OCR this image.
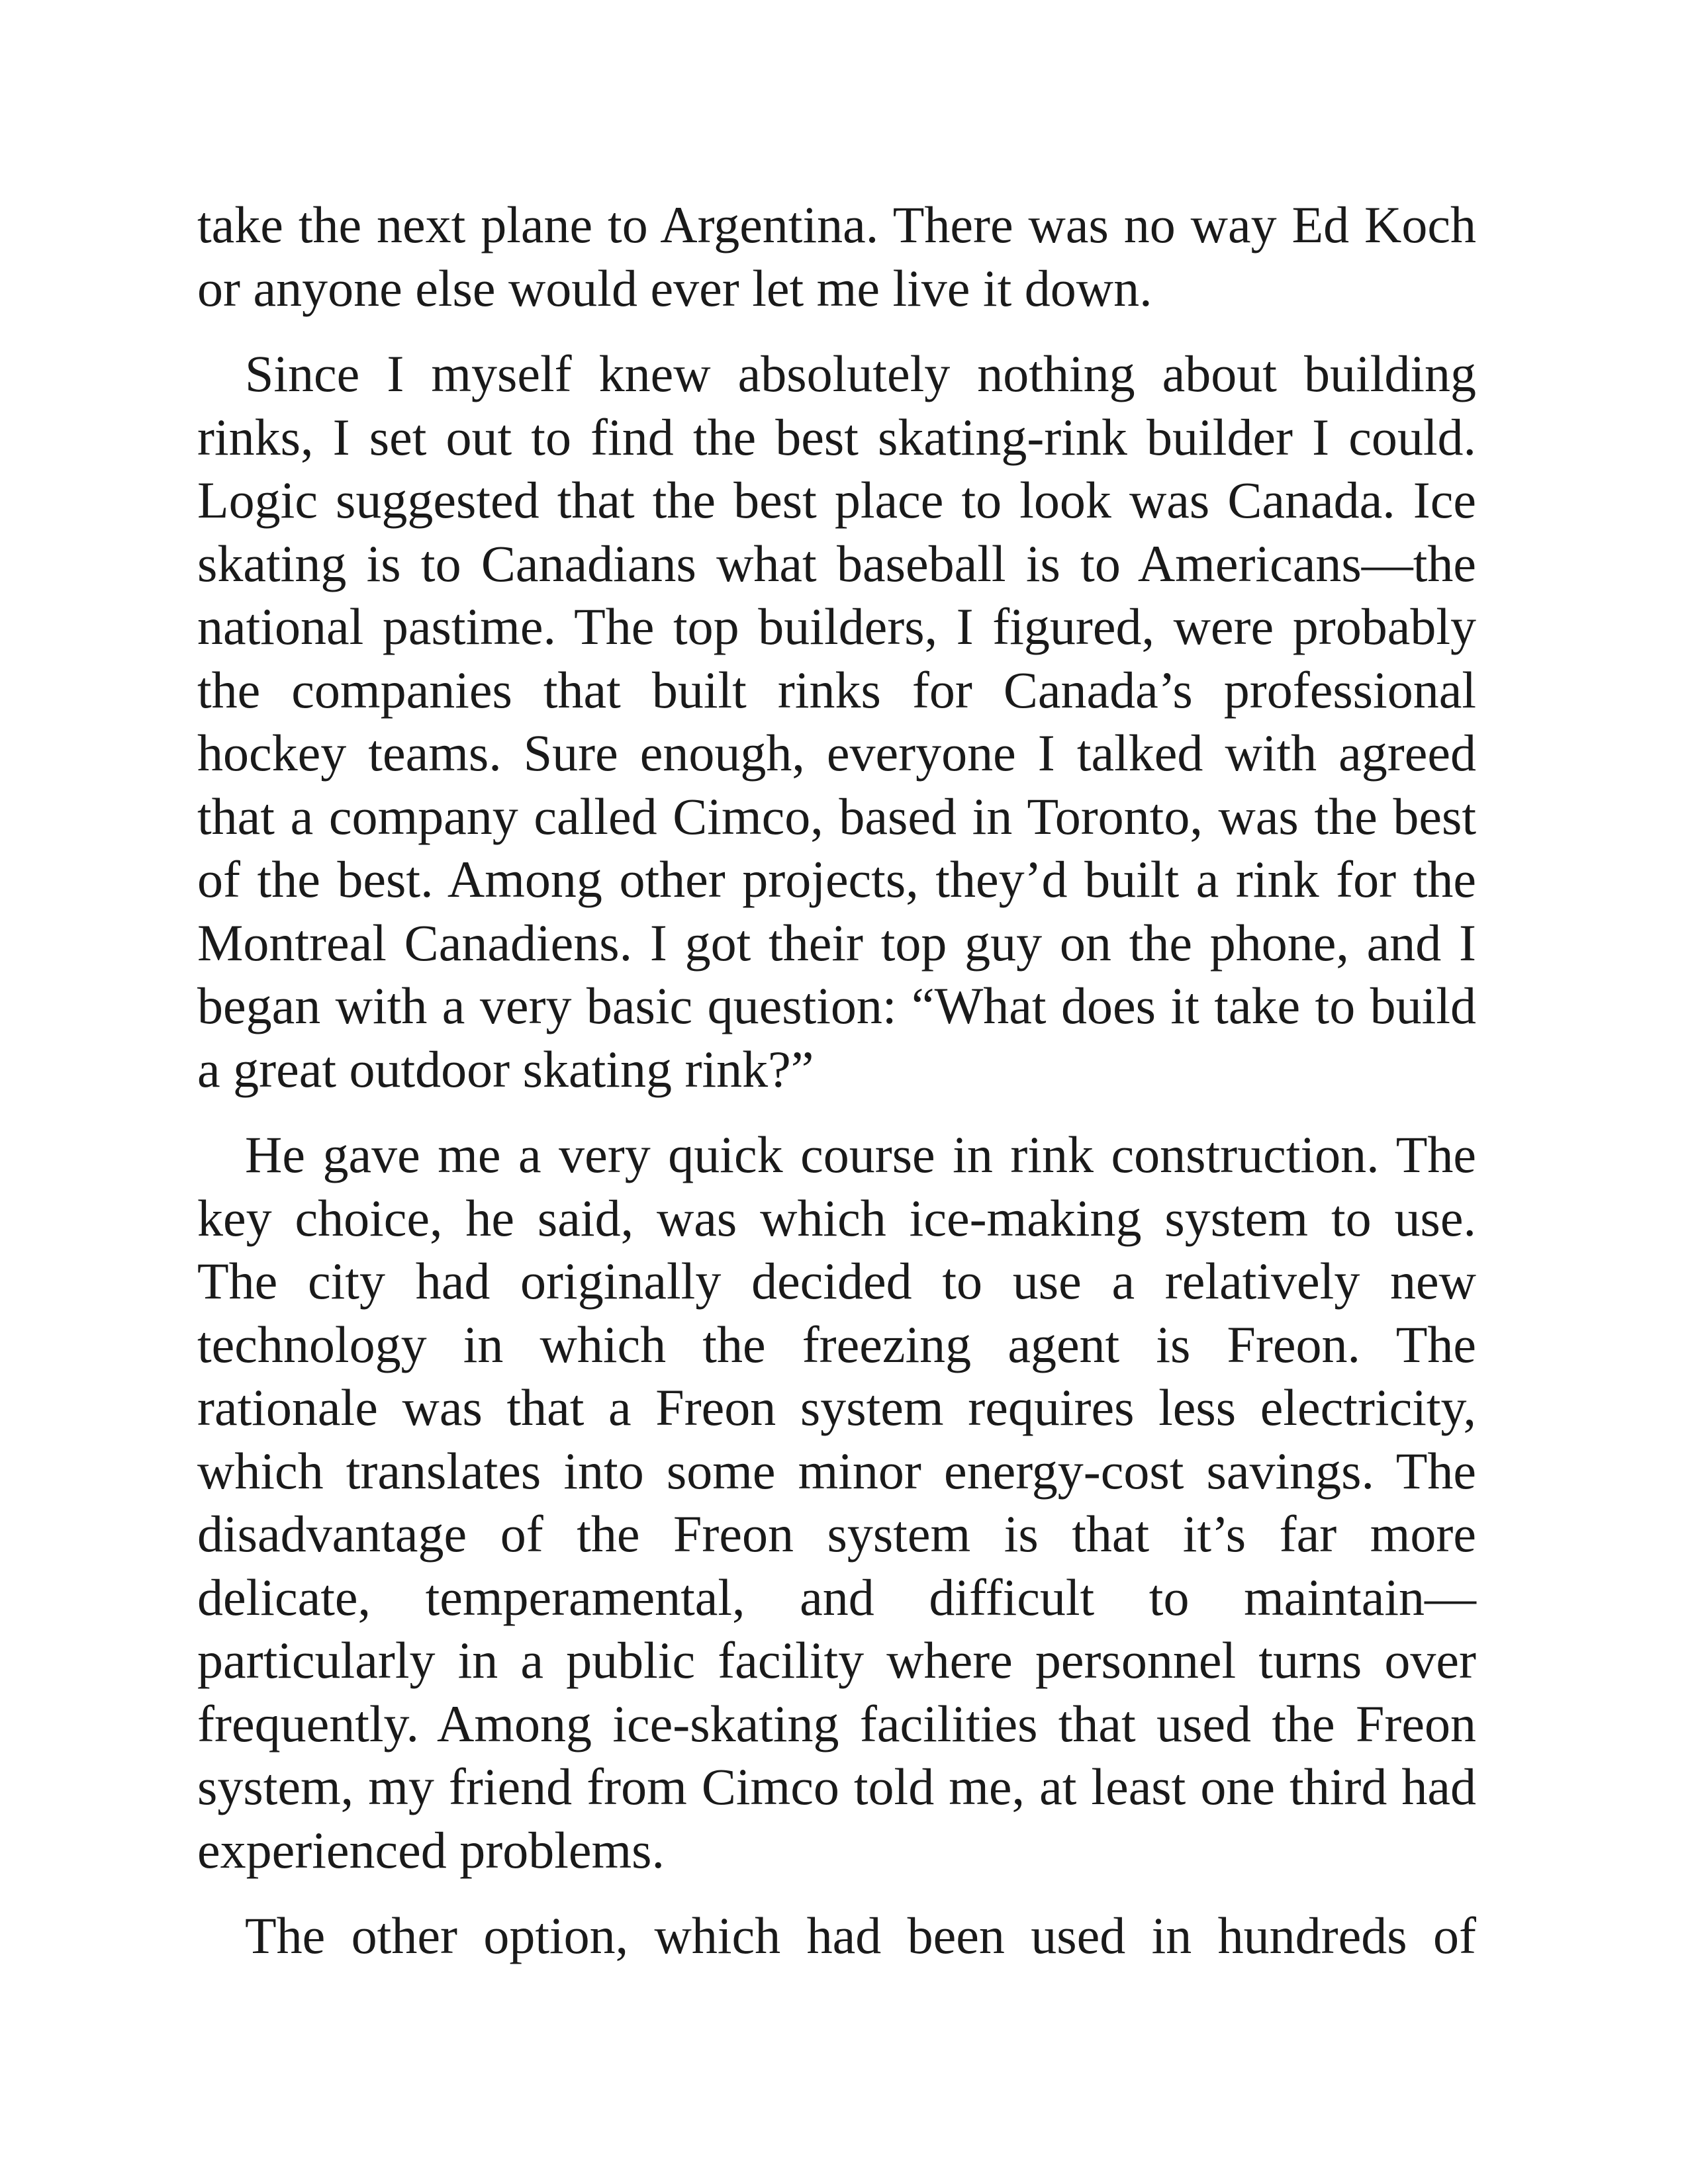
take the next plane to Argentina. There was no way Ed Koch or anyone else would ever let me live it down.

Since I myself knew absolutely nothing about building rinks, I set out to find the best skating-rink builder I could. Logic suggested that the best place to look was Canada. Ice skating is to Canadians what baseball is to Americans—the national pastime. The top builders, I figured, were probably the companies that built rinks for Canada’s professional hockey teams. Sure enough, everyone I talked with agreed that a company called Cimco, based in Toronto, was the best of the best. Among other projects, they’d built a rink for the Montreal Canadiens. I got their top guy on the phone, and I began with a very basic question: “What does it take to build a great outdoor skating rink?”

He gave me a very quick course in rink construction. The key choice, he said, was which ice-making system to use. The city had originally decided to use a relatively new technology in which the freezing agent is Freon. The rationale was that a Freon system requires less electricity, which translates into some minor energy-cost savings. The disadvantage of the Freon system is that it’s far more delicate, temperamental, and difficult to maintain—particularly in a public facility where personnel turns over frequently. Among ice-skating facilities that used the Freon system, my friend from Cimco told me, at least one third had experienced problems.

The other option, which had been used in hundreds of
